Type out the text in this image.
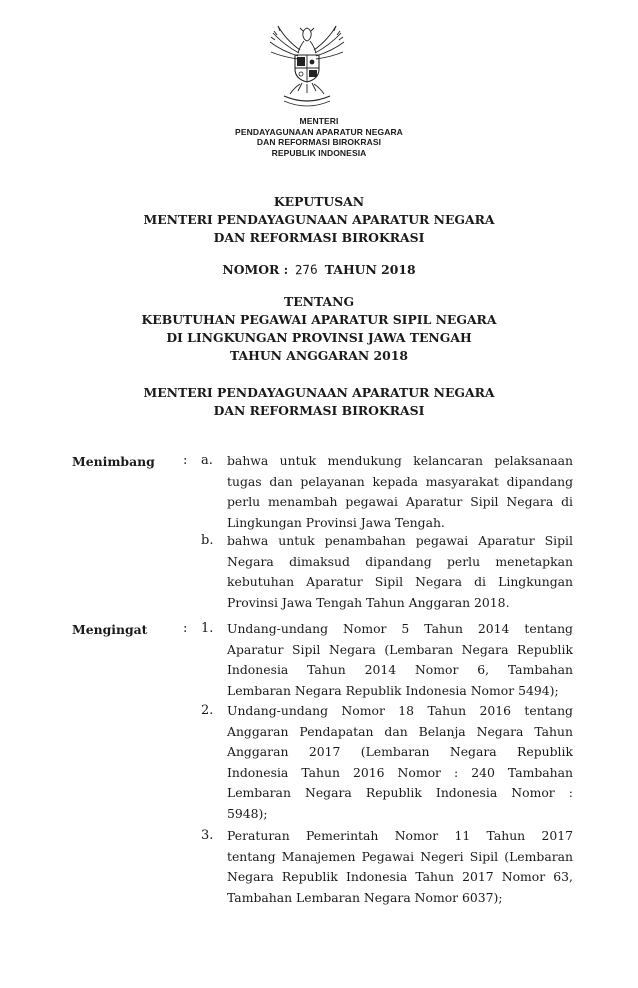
MENTERI
PENDAYAGUNAAN APARATUR NEGARA
DAN REFORMASI BIROKRASI
REPUBLIK INDONESIA
KEPUTUSAN
MENTERI PENDAYAGUNAAN APARATUR NEGARA
DAN REFORMASI BIROKRASI
NOMOR : 276 TAHUN 2018
TENTANG
KEBUTUHAN PEGAWAI APARATUR SIPIL NEGARA
DI LINGKUNGAN PROVINSI JAWA TENGAH
TAHUN ANGGARAN 2018
MENTERI PENDAYAGUNAAN APARATUR NEGARA
DAN REFORMASI BIROKRASI
Menimbang : a. bahwa untuk mendukung kelancaran pelaksanaan
tugas dan pelayanan kepada masyarakat dipandang
perlu menambah pegawai Aparatur Sipil Negara di
Lingkungan Provinsi Jawa Tengah.
b. bahwa untuk penambahan pegawai Aparatur Sipil
Negara dimaksud dipandang perlu menetapkan
kebutuhan Aparatur Sipil Negara di Lingkungan
Provinsi Jawa Tengah Tahun Anggaran 2018.
Mengingat	: 1. Undang-undang Nomor 5 Tahun 2014 tentang
Aparatur Sipil Negara (Lembaran Negara Republik
Indonesia Tahun 2014 Nomor 6, Tambahan
Lembaran Negara Republik Indonesia Nomor 5494);
2. Undang-undang Nomor 18 Tahun 2016 tentang
Anggaran Pendapatan dan Belanja Negara Tahun
Anggaran 2017 (Lembaran Negara Republik
Indonesia Tahun 2016 Nomor : 240 Tambahan
Lembaran Negara Republik Indonesia Nomor :
5948);
3. Peraturan Pemerintah Nomor 11 Tahun 2017
tentang Manajemen Pegawai Negeri Sipil (Lembaran
Negara Republik Indonesia Tahun 2017 Nomor 63,
Tambahan Lembaran Negara Nomor 6037);
